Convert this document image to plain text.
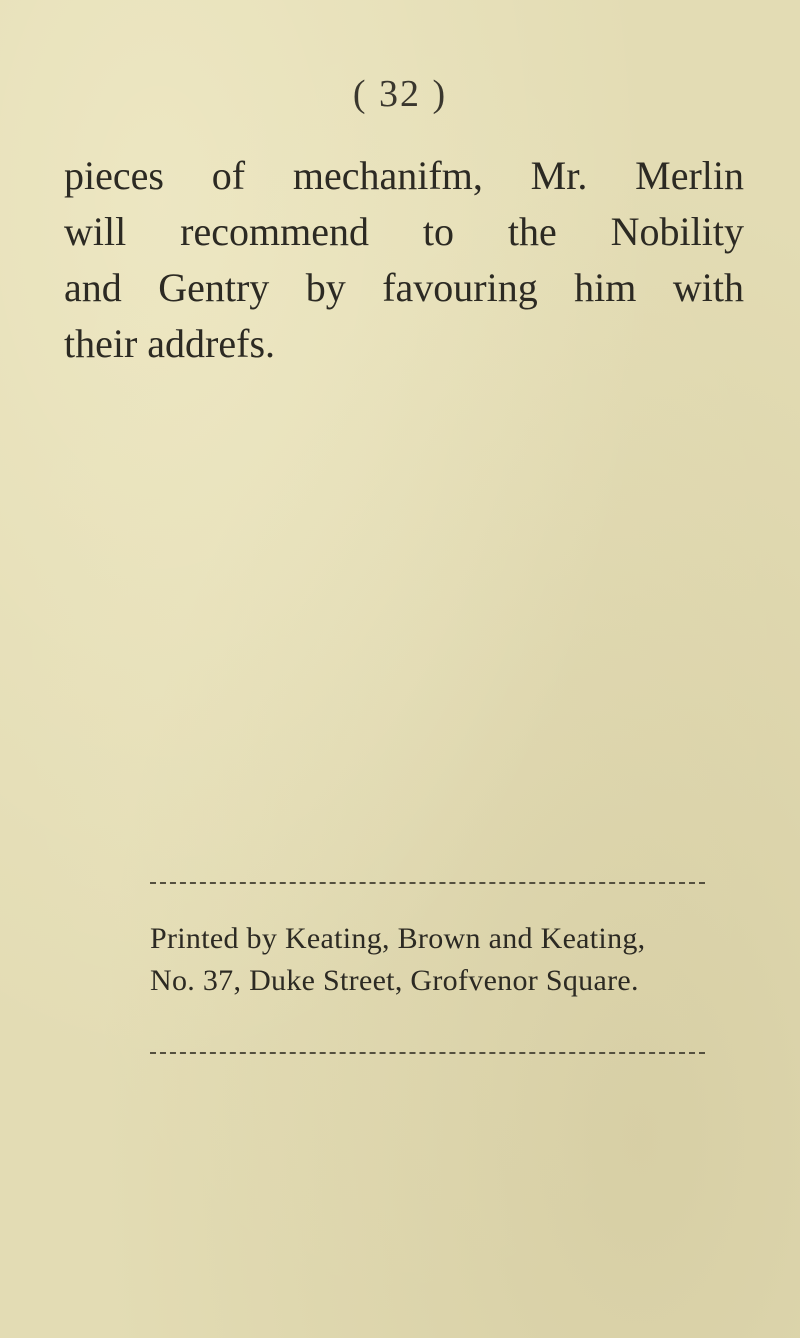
( 32 )
pieces of mechanifm, Mr. Merlin
will recommend to the Nobility
and Gentry by favouring him with
their addrefs.
Printed by Keating, Brown and Keating,
No. 37, Duke Street, Grofvenor Square.
